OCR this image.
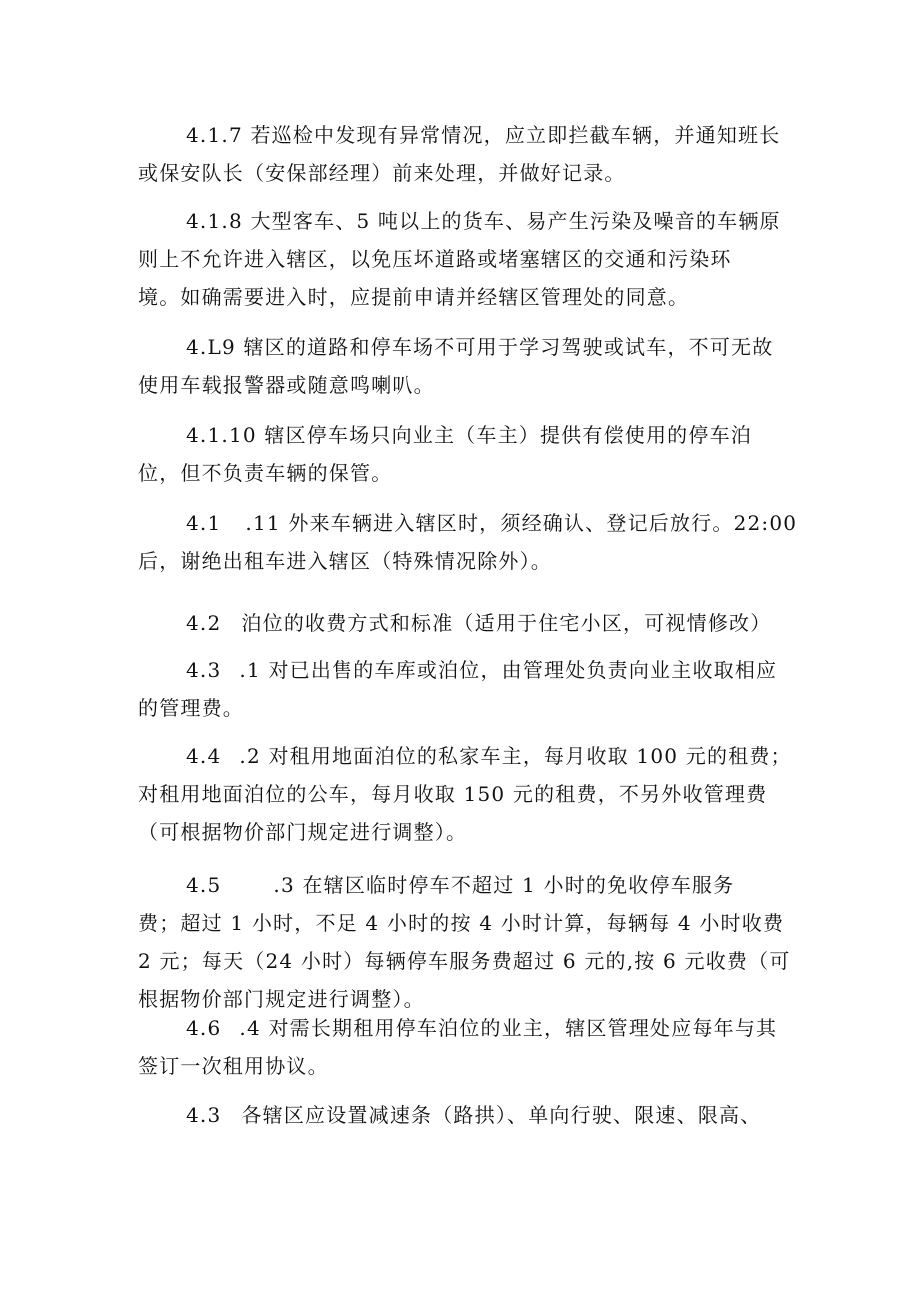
4.1.7 若巡检中发现有异常情况，应立即拦截车辆，并通知班长
或保安队长（安保部经理）前来处理，并做好记录。
4.1.8 大型客车、5 吨以上的货车、易产生污染及噪音的车辆原
则上不允许进入辖区，以免压坏道路或堵塞辖区的交通和污染环
境。如确需要进入时，应提前申请并经辖区管理处的同意。
4.L9 辖区的道路和停车场不可用于学习驾驶或试车，不可无故
使用车载报警器或随意鸣喇叭。
4.1.10 辖区停车场只向业主（车主）提供有偿使用的停车泊
位，但不负责车辆的保管。
4.1 .11 外来车辆进入辖区时，须经确认、登记后放行。22:00
后，谢绝出租车进入辖区（特殊情况除外）。
4.2 泊位的收费方式和标准（适用于住宅小区，可视情修改）
4.3 .1 对已出售的车库或泊位，由管理处负责向业主收取相应
的管理费。
4.4 .2 对租用地面泊位的私家车主，每月收取 100 元的租费；
对租用地面泊位的公车，每月收取 150 元的租费，不另外收管理费
（可根据物价部门规定进行调整）。
4.5	.3 在辖区临时停车不超过 1 小时的免收停车服务
费；超过 1 小时，不足 4 小时的按 4 小时计算，每辆每 4 小时收费
2 元；每天（24 小时）每辆停车服务费超过 6 元的,按 6 元收费（可
根据物价部门规定进行调整）。
4.6 .4 对需长期租用停车泊位的业主，辖区管理处应每年与其
签订一次租用协议。
4.3 各辖区应设置减速条（路拱）、单向行驶、限速、限高、
